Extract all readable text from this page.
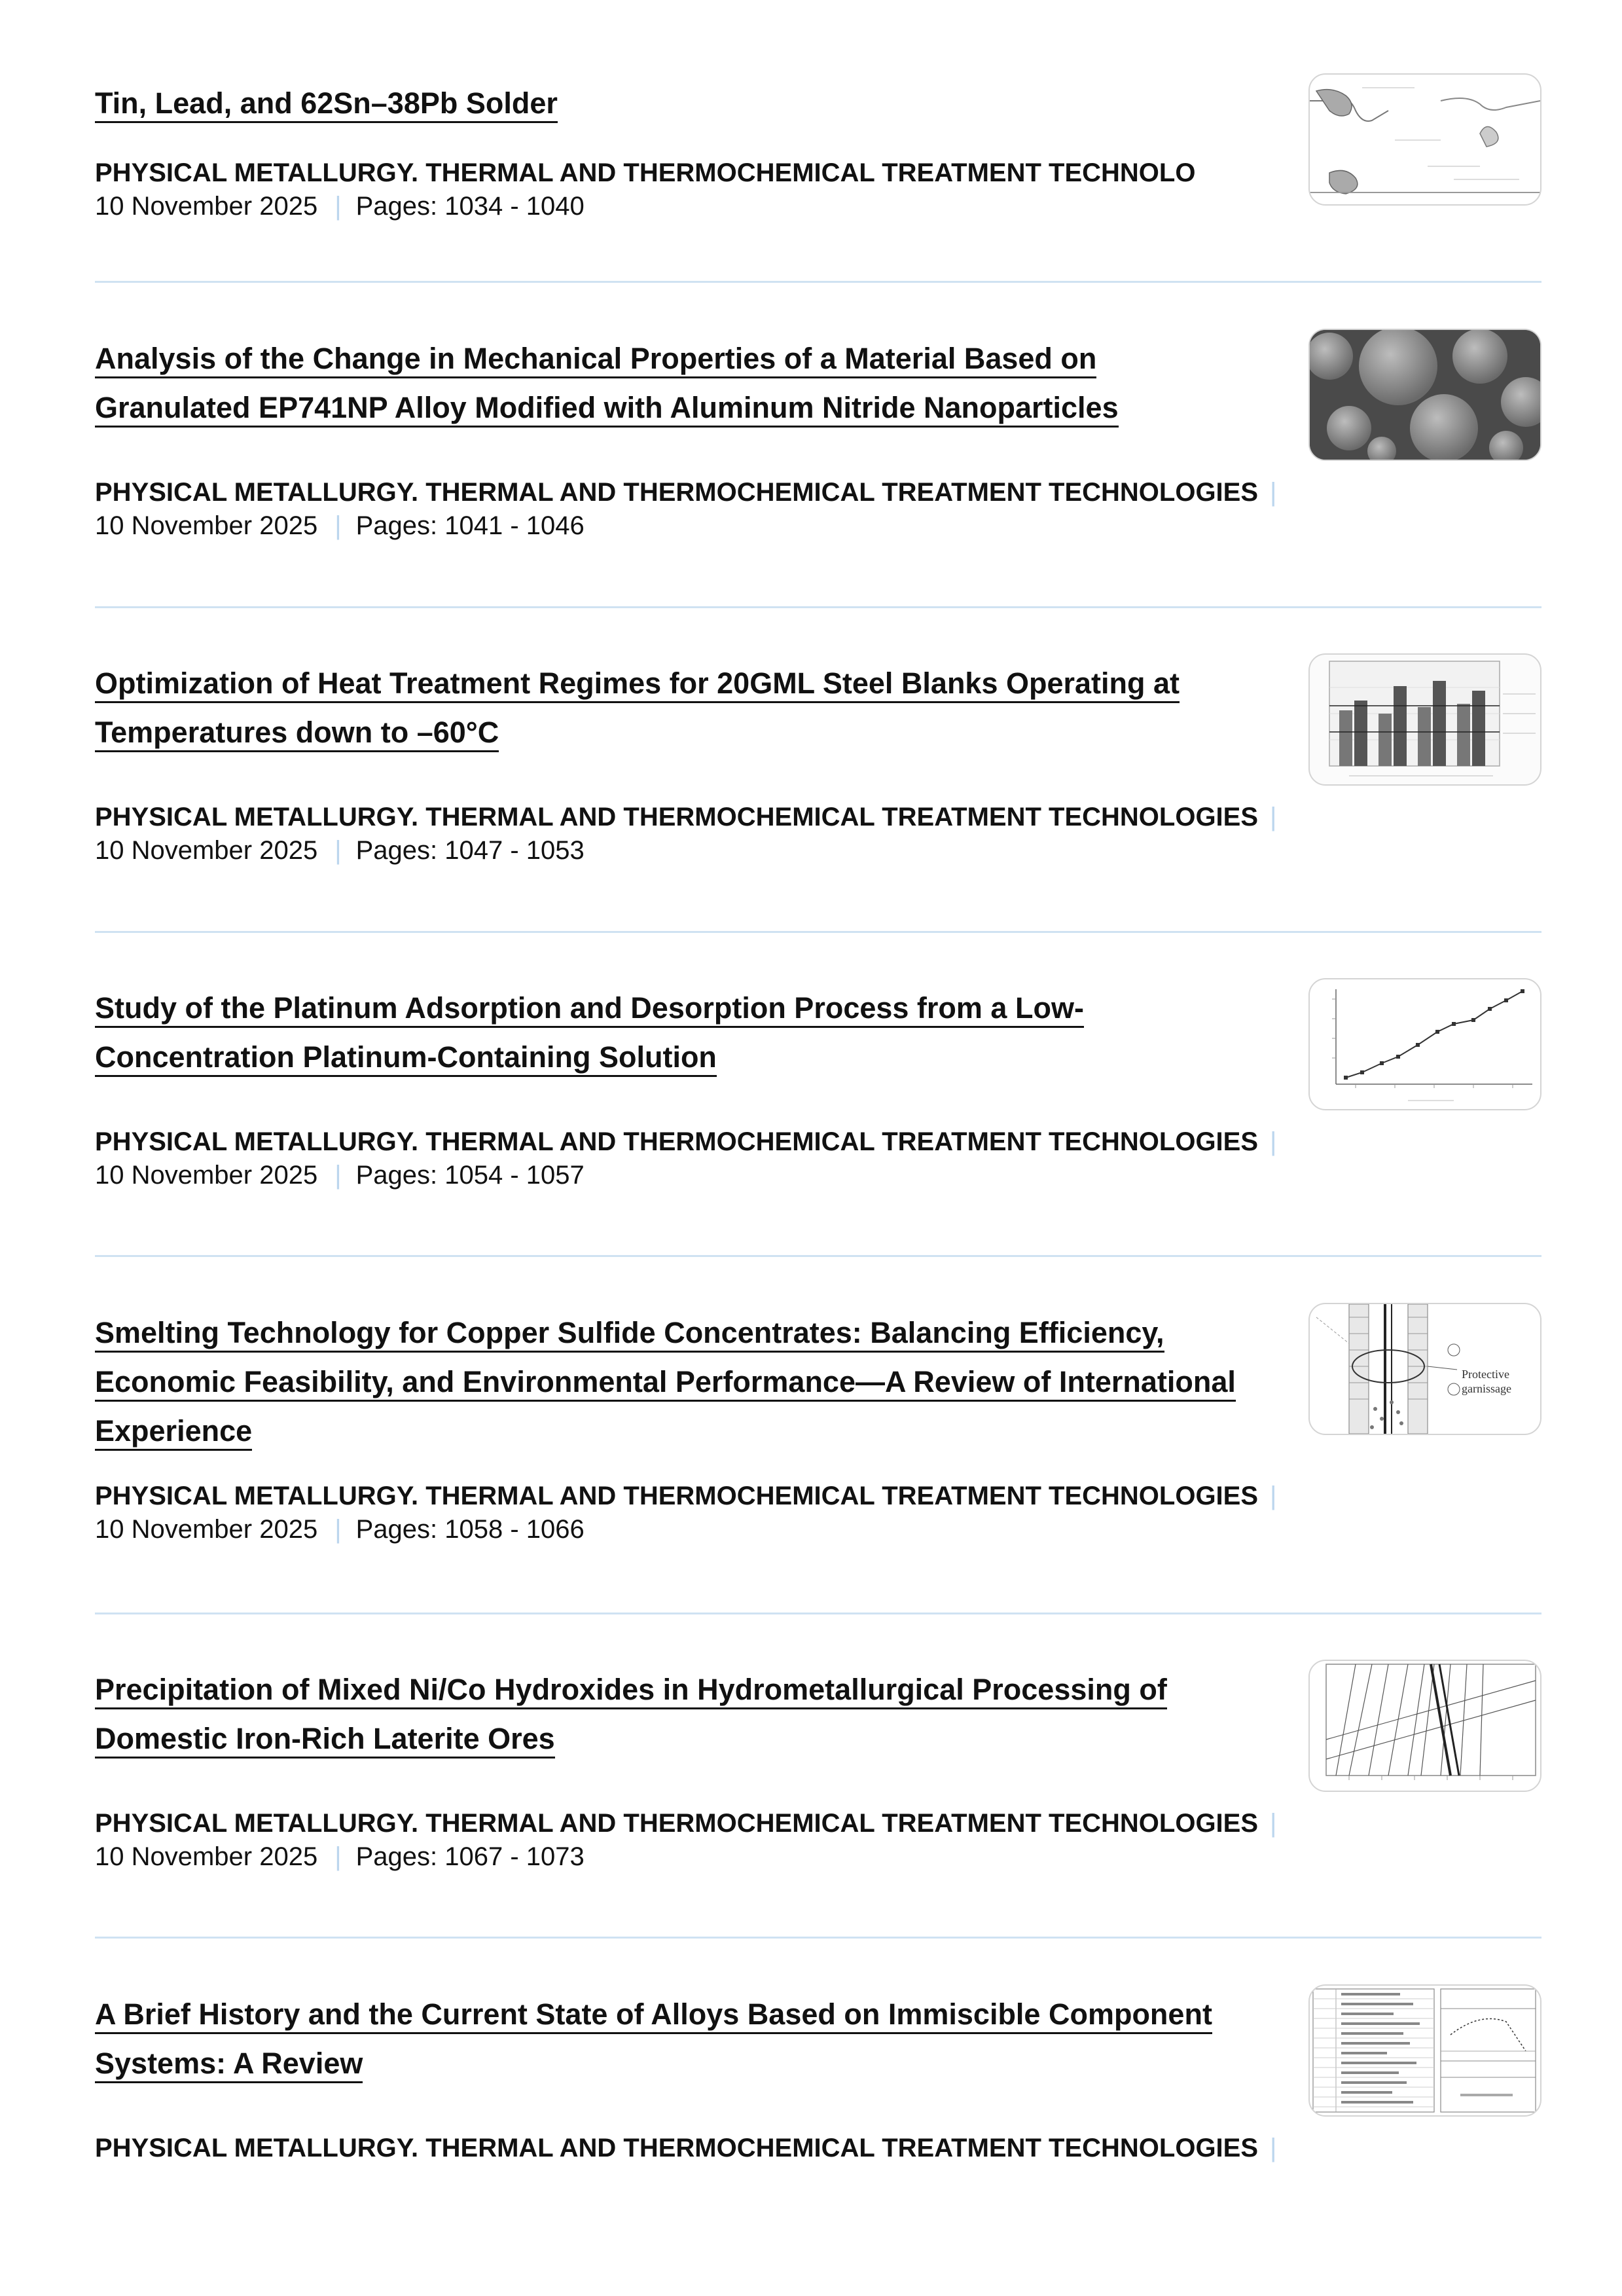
Tin, Lead, and 62Sn–38Pb Solder
PHYSICAL METALLURGY. THERMAL AND THERMOCHEMICAL TREATMENT TECHNOLO
10 November 2025 | Pages: 1034 - 1040
Analysis of the Change in Mechanical Properties of a Material Based on Granulated EP741NP Alloy Modified with Aluminum Nitride Nanoparticles
PHYSICAL METALLURGY. THERMAL AND THERMOCHEMICAL TREATMENT TECHNOLOGIES |
10 November 2025 | Pages: 1041 - 1046
Optimization of Heat Treatment Regimes for 20GML Steel Blanks Operating at Temperatures down to –60°C
PHYSICAL METALLURGY. THERMAL AND THERMOCHEMICAL TREATMENT TECHNOLOGIES |
10 November 2025 | Pages: 1047 - 1053
Study of the Platinum Adsorption and Desorption Process from a Low-Concentration Platinum-Containing Solution
PHYSICAL METALLURGY. THERMAL AND THERMOCHEMICAL TREATMENT TECHNOLOGIES |
10 November 2025 | Pages: 1054 - 1057
Smelting Technology for Copper Sulfide Concentrates: Balancing Efficiency, Economic Feasibility, and Environmental Performance—A Review of International Experience
PHYSICAL METALLURGY. THERMAL AND THERMOCHEMICAL TREATMENT TECHNOLOGIES |
10 November 2025 | Pages: 1058 - 1066
Protective
garnissage
Precipitation of Mixed Ni/Co Hydroxides in Hydrometallurgical Processing of Domestic Iron-Rich Laterite Ores
PHYSICAL METALLURGY. THERMAL AND THERMOCHEMICAL TREATMENT TECHNOLOGIES |
10 November 2025 | Pages: 1067 - 1073
A Brief History and the Current State of Alloys Based on Immiscible Component Systems: A Review
PHYSICAL METALLURGY. THERMAL AND THERMOCHEMICAL TREATMENT TECHNOLOGIES |
